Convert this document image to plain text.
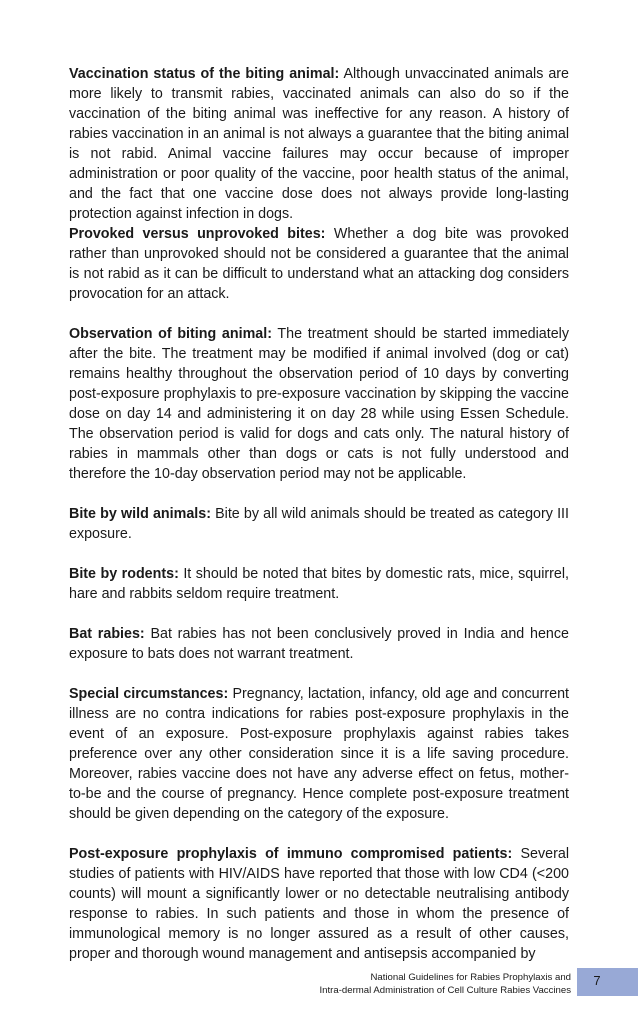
Vaccination status of the biting animal: Although unvaccinated animals are more likely to transmit rabies, vaccinated animals can also do so if the vaccination of the biting animal was ineffective for any reason. A history of rabies vaccination in an animal is not always a guarantee that the biting animal is not rabid. Animal vaccine failures may occur because of improper administration or poor quality of the vaccine, poor health status of the animal, and the fact that one vaccine dose does not always provide long-lasting protection against infection in dogs.

Provoked versus unprovoked bites: Whether a dog bite was provoked rather than unprovoked should not be considered a guarantee that the animal is not rabid as it can be difficult to understand what an attacking dog considers provocation for an attack.

Observation of biting animal: The treatment should be started immediately after the bite. The treatment may be modified if animal involved (dog or cat) remains healthy throughout the observation period of 10 days by converting post-exposure prophylaxis to pre-exposure vaccination by skipping the vaccine dose on day 14 and administering it on day 28 while using Essen Schedule. The observation period is valid for dogs and cats only. The natural history of rabies in mammals other than dogs or cats is not fully understood and therefore the 10-day observation period may not be applicable.

Bite by wild animals: Bite by all wild animals should be treated as category III exposure.

Bite by rodents: It should be noted that bites by domestic rats, mice, squirrel, hare and rabbits seldom require treatment.

Bat rabies: Bat rabies has not been conclusively proved in India and hence exposure to bats does not warrant treatment.

Special circumstances: Pregnancy, lactation, infancy, old age and concurrent illness are no contra indications for rabies post-exposure prophylaxis in the event of an exposure. Post-exposure prophylaxis against rabies takes preference over any other consideration since it is a life saving procedure. Moreover, rabies vaccine does not have any adverse effect on fetus, mother-to-be and the course of pregnancy. Hence complete post-exposure treatment should be given depending on the category of the exposure.

Post-exposure prophylaxis of immuno compromised patients: Several studies of patients with HIV/AIDS have reported that those with low CD4 (<200 counts) will mount a significantly lower or no detectable neutralising antibody response to rabies. In such patients and those in whom the presence of immunological memory is no longer assured as a result of other causes, proper and thorough wound management and antisepsis accompanied by

National Guidelines for Rabies Prophylaxis and
Intra-dermal Administration of Cell Culture Rabies Vaccines
7
